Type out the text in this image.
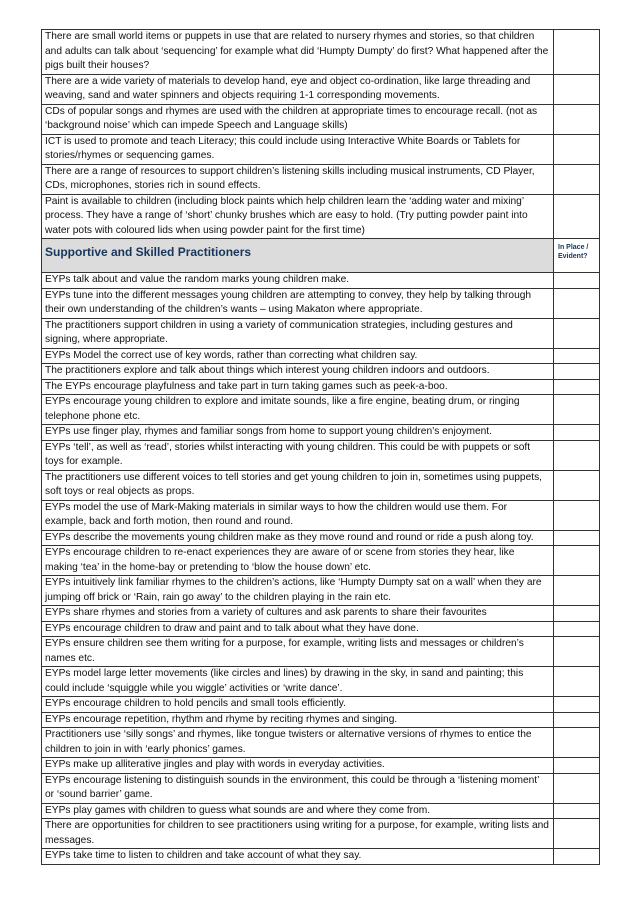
There are small world items or puppets in use that are related to nursery rhymes and stories, so that children and adults can talk about ‘sequencing’ for example what did ‘Humpty Dumpty’ do first? What happened after the pigs built their houses?	
There are a wide variety of materials to develop hand, eye and object co-ordination, like large threading and weaving, sand and water spinners and objects requiring 1-1 corresponding movements.	
CDs of popular songs and rhymes are used with the children at appropriate times to encourage recall. (not as ‘background noise’ which can impede Speech and Language skills)	
ICT is used to promote and teach Literacy; this could include using Interactive White Boards or Tablets for stories/rhymes or sequencing games.	
There are a range of resources to support children’s listening skills including musical instruments, CD Player, CDs, microphones, stories rich in sound effects.	
Paint is available to children (including block paints which help children learn the ‘adding water and mixing’ process. They have a range of ‘short’ chunky brushes which are easy to hold. (Try putting powder paint into water pots with coloured lids when using powder paint for the first time)	
Supportive and Skilled Practitioners	In Place / Evident?
EYPs talk about and value the random marks young children make.	
EYPs tune into the different messages young children are attempting to convey, they help by talking through their own understanding of the children’s wants – using Makaton where appropriate.	
The practitioners support children in using a variety of communication strategies, including gestures and signing, where appropriate.	
EYPs Model the correct use of key words, rather than correcting what children say.	
The practitioners explore and talk about things which interest young children indoors and outdoors.	
The EYPs encourage playfulness and take part in turn taking games such as peek-a-boo.	
EYPs encourage young children to explore and imitate sounds, like a fire engine, beating drum, or ringing telephone phone etc.	
EYPs use finger play, rhymes and familiar songs from home to support young children’s enjoyment.	
EYPs ‘tell’, as well as ‘read’, stories whilst interacting with young children. This could be with puppets or soft toys for example.	
The practitioners use different voices to tell stories and get young children to join in, sometimes using puppets, soft toys or real objects as props.	
EYPs model the use of Mark-Making materials in similar ways to how the children would use them. For example, back and forth motion, then round and round.	
EYPs describe the movements young children make as they move round and round or ride a push along toy.	
EYPs encourage children to re-enact experiences they are aware of or scene from stories they hear, like making ‘tea’ in the home-bay or pretending to ‘blow the house down’ etc.	
EYPs intuitively link familiar rhymes to the children’s actions, like ‘Humpty Dumpty sat on a wall’ when they are jumping off brick or ‘Rain, rain go away’ to the children playing in the rain etc.	
EYPs share rhymes and stories from a variety of cultures and ask parents to share their favourites	
EYPs encourage children to draw and paint and to talk about what they have done.	
EYPs ensure children see them writing for a purpose, for example, writing lists and messages or children’s names etc.	
EYPs model large letter movements (like circles and lines) by drawing in the sky, in sand and painting; this could include ‘squiggle while you wiggle’ activities or ‘write dance’.	
EYPs encourage children to hold pencils and small tools efficiently.	
EYPs encourage repetition, rhythm and rhyme by reciting rhymes and singing.	
Practitioners use ‘silly songs’ and rhymes, like tongue twisters or alternative versions of rhymes to entice the children to join in with ‘early phonics’ games.	
EYPs make up alliterative jingles and play with words in everyday activities.	
EYPs encourage listening to distinguish sounds in the environment, this could be through a ‘listening moment’ or ‘sound barrier’ game.	
EYPs play games with children to guess what sounds are and where they come from.	
There are opportunities for children to see practitioners using writing for a purpose, for example, writing lists and messages.	
EYPs take time to listen to children and take account of what they say.	
